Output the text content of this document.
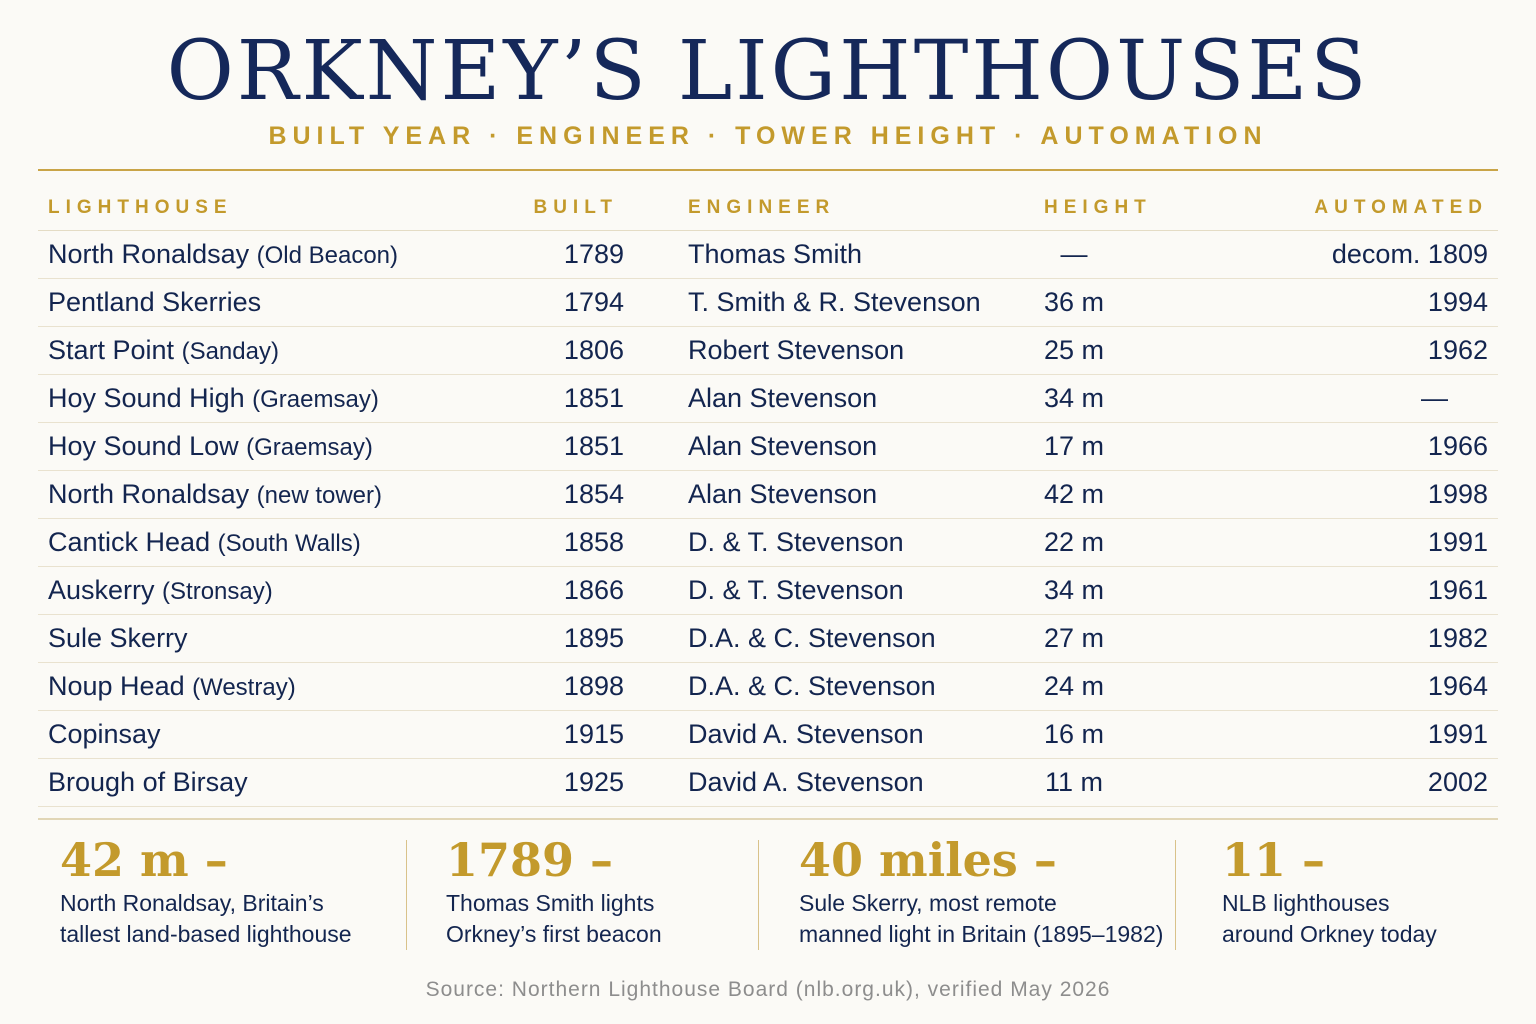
ORKNEY’S LIGHTHOUSES
BUILT YEAR · ENGINEER · TOWER HEIGHT · AUTOMATION
LIGHTHOUSE	BUILT	ENGINEER	HEIGHT	AUTOMATED
North Ronaldsay (Old Beacon)	1789	Thomas Smith	—	decom. 1809
Pentland Skerries	1794	T. Smith & R. Stevenson	36 m	1994
Start Point (Sanday)	1806	Robert Stevenson	25 m	1962
Hoy Sound High (Graemsay)	1851	Alan Stevenson	34 m	—
Hoy Sound Low (Graemsay)	1851	Alan Stevenson	17 m	1966
North Ronaldsay (new tower)	1854	Alan Stevenson	42 m	1998
Cantick Head (South Walls)	1858	D. & T. Stevenson	22 m	1991
Auskerry (Stronsay)	1866	D. & T. Stevenson	34 m	1961
Sule Skerry	1895	D.A. & C. Stevenson	27 m	1982
Noup Head (Westray)	1898	D.A. & C. Stevenson	24 m	1964
Copinsay	1915	David A. Stevenson	16 m	1991
Brough of Birsay	1925	David A. Stevenson	11 m	2002
42 m –
North Ronaldsay, Britain’s
tallest land-based lighthouse
1789 –
Thomas Smith lights
Orkney’s first beacon
40 miles –
Sule Skerry, most remote
manned light in Britain (1895–1982)
11 –
NLB lighthouses
around Orkney today
Source: Northern Lighthouse Board (nlb.org.uk), verified May 2026
